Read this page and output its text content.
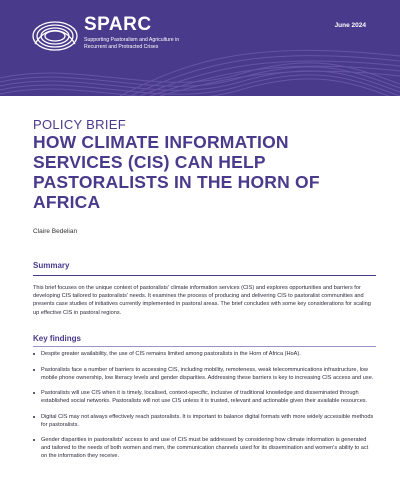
SPARC
Supporting Pastoralism and Agriculture in Recurrent and Protracted Crises
June 2024
POLICY BRIEF
HOW CLIMATE INFORMATION SERVICES (CIS) CAN HELP PASTORALISTS IN THE HORN OF AFRICA
Claire Bedelian
Summary
This brief focuses on the unique context of pastoralists' climate information services (CIS) and explores opportunities and barriers for developing CIS tailored to pastoralists' needs. It examines the process of producing and delivering CIS to pastoralist communities and presents case studies of initiatives currently implemented in pastoral areas. The brief concludes with some key considerations for scaling up effective CIS in pastoral regions.
Key findings
Despite greater availability, the use of CIS remains limited among pastoralists in the Horn of Africa (HoA).
Pastoralists face a number of barriers to accessing CIS, including mobility, remoteness, weak telecommunications infrastructure, low mobile phone ownership, low literacy levels and gender disparities. Addressing these barriers is key to increasing CIS access and use.
Pastoralists will use CIS when it is timely, localised, context-specific, inclusive of traditional knowledge and disseminated through established social networks. Pastoralists will not use CIS unless it is trusted, relevant and actionable given their available resources.
Digital CIS may not always effectively reach pastoralists. It is important to balance digital formats with more widely accessible methods for pastoralists.
Gender disparities in pastoralists' access to and use of CIS must be addressed by considering how climate information is generated and tailored to the needs of both women and men, the communication channels used for its dissemination and women's ability to act on the information they receive.
